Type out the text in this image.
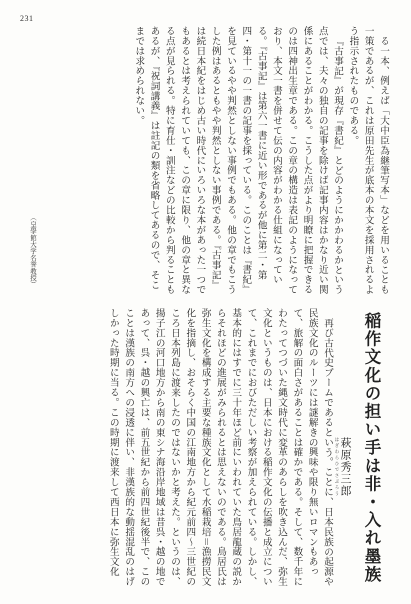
231
る一本、例えば「大中臣為継筆写本」などを用いることも一策であるが、これは原田先生が底本の本文を採用されるよう指示されたものである。
『古事記』が現存『書紀』とどのようにかかわるかという点では、夫々の独自の記事を除けば記事内容はかなり近い関係にあることがわかる。こうした点がより明瞭に把握できるのは四神出生章である。この章の構造は表記のようになっており、本文一書を併せて伝の内容がわかる仕組になっている。『古事記』は第六一書に近い形であるが他に第二・第四・第十一の一書の記事を採っている。このことは『書紀』を見ているやや判然としない事例でもある。他の章でもこうした例はあるともやや判然としない事例である。『古事記』は続日本紀をはじめ古い時代にいろいろな本があった一つでもあるとは考えられていても、この章に限り、他の章と異なる点が見られる。特に育仕・訓注などの比較から判ることもあるが、『祝詞講義』は註記の類を省略してあるので、そこまでは求められない。
（皇學館大学名誉教授）
稲作文化の担い手は非・入れ墨族
はぎわらひでさぶろう 萩原秀三郎
再び古代史ブームであるという。ことに、日本民族の起源や民族文化のルーツには謎解きの興味や限り無いロマンもあって、旅解の面白さがあることは確かである。そして、数千年にわたってつづいた縄文時代に変革のあらしを吹き込んだ、弥生文化というものは、日本における稲作文化の伝播と成立について、これまでにおびただしい考察が加えられている。しかし、基本的にはすでに三十年ほど前にいわれていた鳥居龍蔵の説からそれほどの進展がみられるとは思えないのである。鳥居氏は弥生文化を構成する主要な種族文化として水稲栽培＝漁撈民文化を指摘し、おそらく中国の江南地方から紀元前四～三世紀のころ日本列島に渡来したのではないかと考えた。というのは、揚子江の河口地方から南の東シナ海沿岸地域は昔呉・越の地であって、呉・越の興亡は、前五世紀から前四世紀後半で、このことは漢族の南方への浸透に伴い、非漢族的な動揺混乱のはげしかった時期に当る。この時期に渡来して西日本に弥生文化
